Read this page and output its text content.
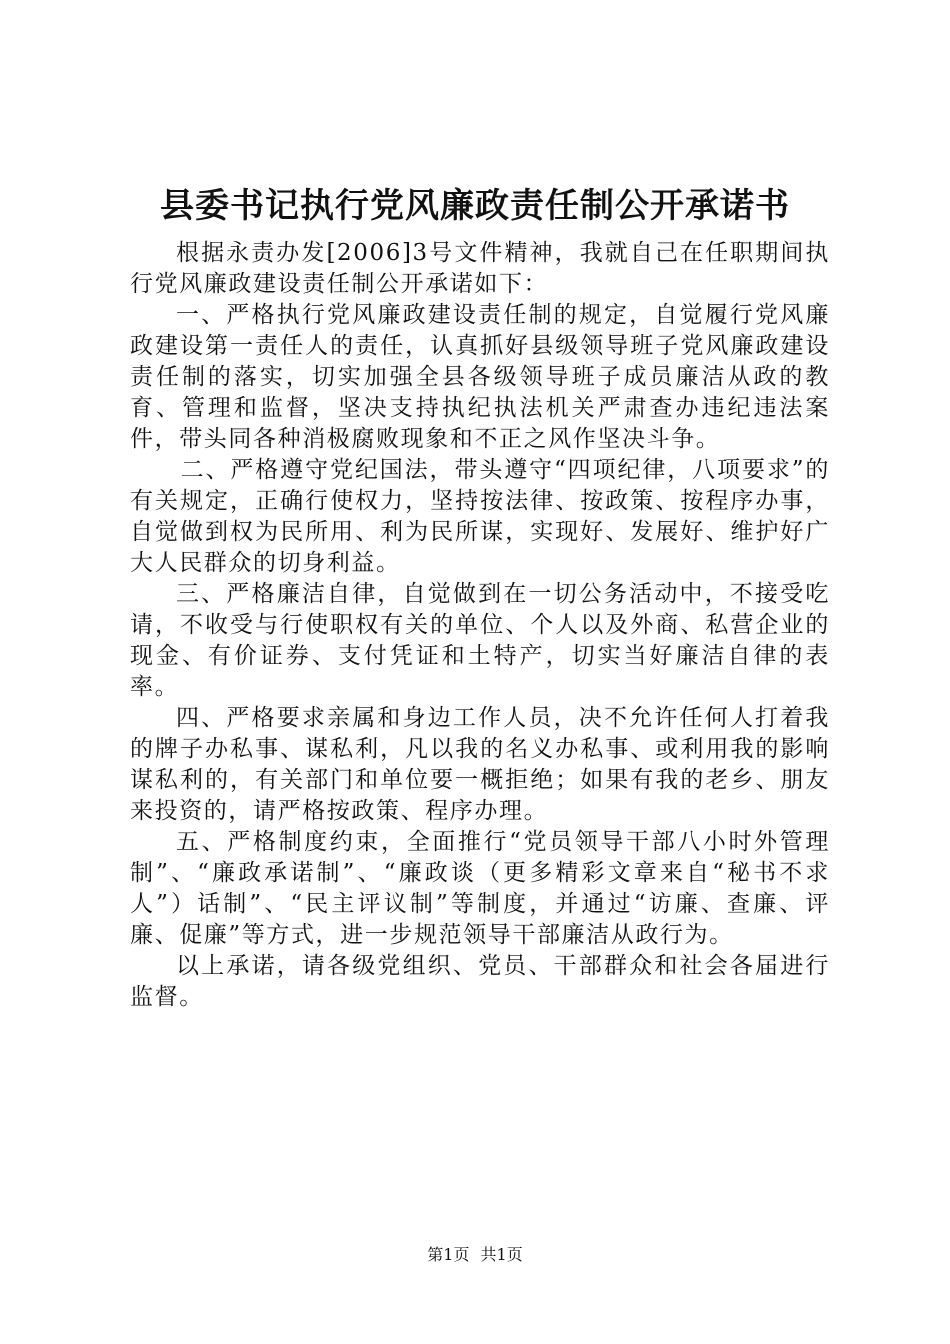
县委书记执行党风廉政责任制公开承诺书

根据永责办发[2006]3号文件精神，我就自己在任职期间执行党风廉政建设责任制公开承诺如下：

一、严格执行党风廉政建设责任制的规定，自觉履行党风廉政建设第一责任人的责任，认真抓好县级领导班子党风廉政建设责任制的落实，切实加强全县各级领导班子成员廉洁从政的教育、管理和监督，坚决支持执纪执法机关严肃查办违纪违法案件，带头同各种消极腐败现象和不正之风作坚决斗争。

二、严格遵守党纪国法，带头遵守“四项纪律，八项要求”的有关规定，正确行使权力，坚持按法律、按政策、按程序办事，自觉做到权为民所用、利为民所谋，实现好、发展好、维护好广大人民群众的切身利益。

三、严格廉洁自律，自觉做到在一切公务活动中，不接受吃请，不收受与行使职权有关的单位、个人以及外商、私营企业的现金、有价证券、支付凭证和土特产，切实当好廉洁自律的表率。

四、严格要求亲属和身边工作人员，决不允许任何人打着我的牌子办私事、谋私利，凡以我的名义办私事、或利用我的影响谋私利的，有关部门和单位要一概拒绝；如果有我的老乡、朋友来投资的，请严格按政策、程序办理。

五、严格制度约束，全面推行“党员领导干部八小时外管理制”、“廉政承诺制”、“廉政谈（更多精彩文章来自“秘书不求人”）话制”、“民主评议制”等制度，并通过“访廉、查廉、评廉、促廉”等方式，进一步规范领导干部廉洁从政行为。

以上承诺，请各级党组织、党员、干部群众和社会各届进行监督。

第1页 共1页
